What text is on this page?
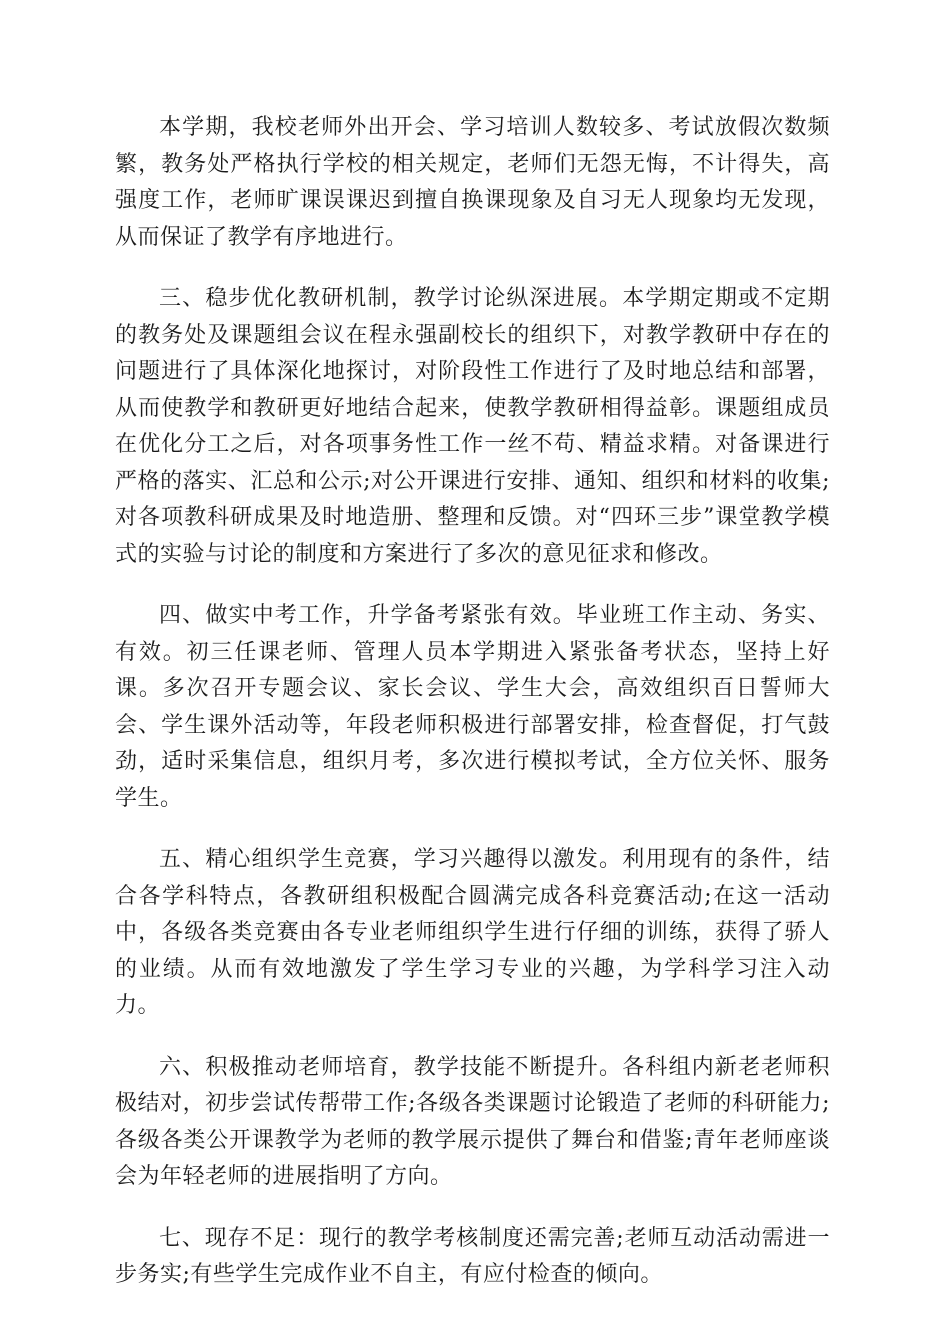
本学期，我校老师外出开会、学习培训人数较多、考试放假次数频繁，教务处严格执行学校的相关规定，老师们无怨无悔，不计得失，高强度工作，老师旷课误课迟到擅自换课现象及自习无人现象均无发现，从而保证了教学有序地进行。

三、稳步优化教研机制，教学讨论纵深进展。本学期定期或不定期的教务处及课题组会议在程永强副校长的组织下，对教学教研中存在的问题进行了具体深化地探讨，对阶段性工作进行了及时地总结和部署，从而使教学和教研更好地结合起来，使教学教研相得益彰。课题组成员在优化分工之后，对各项事务性工作一丝不苟、精益求精。对备课进行严格的落实、汇总和公示;对公开课进行安排、通知、组织和材料的收集;对各项教科研成果及时地造册、整理和反馈。对“四环三步”课堂教学模式的实验与讨论的制度和方案进行了多次的意见征求和修改。

四、做实中考工作，升学备考紧张有效。毕业班工作主动、务实、有效。初三任课老师、管理人员本学期进入紧张备考状态，坚持上好课。多次召开专题会议、家长会议、学生大会，高效组织百日誓师大会、学生课外活动等，年段老师积极进行部署安排，检查督促，打气鼓劲，适时采集信息，组织月考，多次进行模拟考试，全方位关怀、服务学生。

五、精心组织学生竞赛，学习兴趣得以激发。利用现有的条件，结合各学科特点，各教研组积极配合圆满完成各科竞赛活动;在这一活动中，各级各类竞赛由各专业老师组织学生进行仔细的训练，获得了骄人的业绩。从而有效地激发了学生学习专业的兴趣，为学科学习注入动力。

六、积极推动老师培育，教学技能不断提升。各科组内新老老师积极结对，初步尝试传帮带工作;各级各类课题讨论锻造了老师的科研能力;各级各类公开课教学为老师的教学展示提供了舞台和借鉴;青年老师座谈会为年轻老师的进展指明了方向。

七、现存不足：现行的教学考核制度还需完善;老师互动活动需进一步务实;有些学生完成作业不自主，有应付检查的倾向。
